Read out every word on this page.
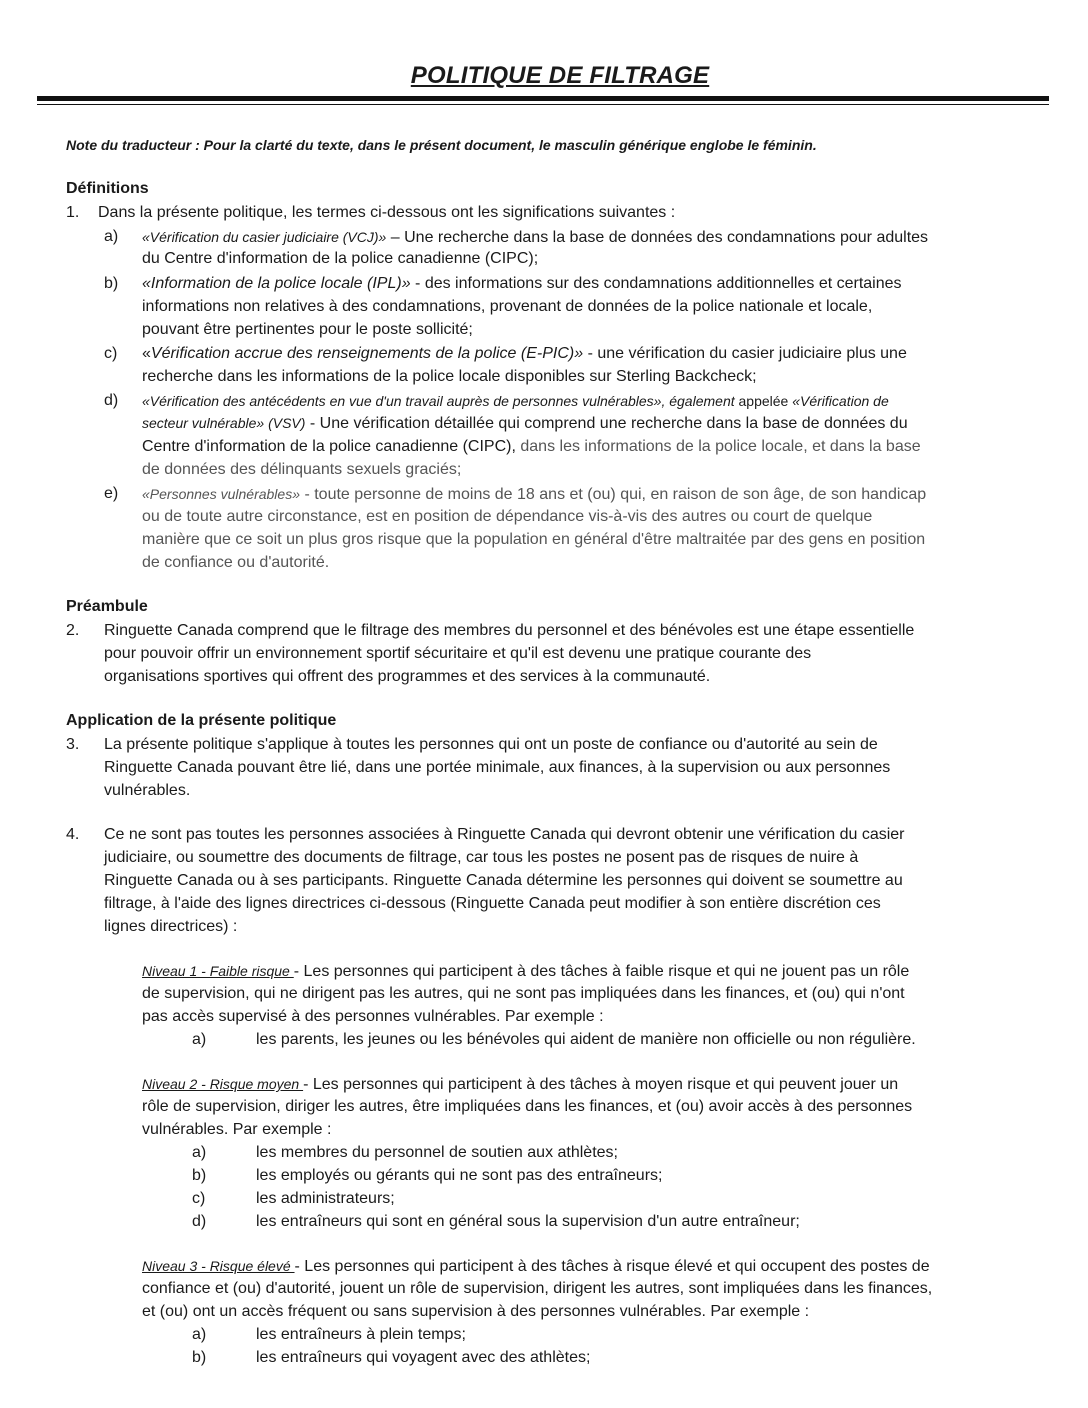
POLITIQUE DE FILTRAGE
Note du traducteur : Pour la clarté du texte, dans le présent document, le masculin générique englobe le féminin.
Définitions
1. Dans la présente politique, les termes ci-dessous ont les significations suivantes :
a) «Vérification du casier judiciaire (VCJ)» – Une recherche dans la base de données des condamnations pour adultes
du Centre d'information de la police canadienne (CIPC);
b) «Information de la police locale (IPL)» - des informations sur des condamnations additionnelles et certaines
informations non relatives à des condamnations, provenant de données de la police nationale et locale,
pouvant être pertinentes pour le poste sollicité;
c) «Vérification accrue des renseignements de la police (E-PIC)» - une vérification du casier judiciaire plus une
recherche dans les informations de la police locale disponibles sur Sterling Backcheck;
d) «Vérification des antécédents en vue d'un travail auprès de personnes vulnérables», également appelée «Vérification de
secteur vulnérable» (VSV) - Une vérification détaillée qui comprend une recherche dans la base de données du
Centre d'information de la police canadienne (CIPC), dans les informations de la police locale, et dans la base
de données des délinquants sexuels graciés;
e) «Personnes vulnérables» - toute personne de moins de 18 ans et (ou) qui, en raison de son âge, de son handicap
ou de toute autre circonstance, est en position de dépendance vis-à-vis des autres ou court de quelque
manière que ce soit un plus gros risque que la population en général d'être maltraitée par des gens en position
de confiance ou d'autorité.
Préambule
2. Ringuette Canada comprend que le filtrage des membres du personnel et des bénévoles est une étape essentielle
pour pouvoir offrir un environnement sportif sécuritaire et qu'il est devenu une pratique courante des
organisations sportives qui offrent des programmes et des services à la communauté.
Application de la présente politique
3. La présente politique s'applique à toutes les personnes qui ont un poste de confiance ou d'autorité au sein de
Ringuette Canada pouvant être lié, dans une portée minimale, aux finances, à la supervision ou aux personnes
vulnérables.
4. Ce ne sont pas toutes les personnes associées à Ringuette Canada qui devront obtenir une vérification du casier
judiciaire, ou soumettre des documents de filtrage, car tous les postes ne posent pas de risques de nuire à
Ringuette Canada ou à ses participants. Ringuette Canada détermine les personnes qui doivent se soumettre au
filtrage, à l'aide des lignes directrices ci-dessous (Ringuette Canada peut modifier à son entière discrétion ces
lignes directrices) :
Niveau 1 - Faible risque - Les personnes qui participent à des tâches à faible risque et qui ne jouent pas un rôle
de supervision, qui ne dirigent pas les autres, qui ne sont pas impliquées dans les finances, et (ou) qui n'ont
pas accès supervisé à des personnes vulnérables. Par exemple :
a)	les parents, les jeunes ou les bénévoles qui aident de manière non officielle ou non régulière.
Niveau 2 - Risque moyen - Les personnes qui participent à des tâches à moyen risque et qui peuvent jouer un
rôle de supervision, diriger les autres, être impliquées dans les finances, et (ou) avoir accès à des personnes
vulnérables. Par exemple :
a)	les membres du personnel de soutien aux athlètes;
b)	les employés ou gérants qui ne sont pas des entraîneurs;
c)	les administrateurs;
d)	les entraîneurs qui sont en général sous la supervision d'un autre entraîneur;
Niveau 3 - Risque élevé - Les personnes qui participent à des tâches à risque élevé et qui occupent des postes de
confiance et (ou) d'autorité, jouent un rôle de supervision, dirigent les autres, sont impliquées dans les finances,
et (ou) ont un accès fréquent ou sans supervision à des personnes vulnérables. Par exemple :
a)	les entraîneurs à plein temps;
b)	les entraîneurs qui voyagent avec des athlètes;
